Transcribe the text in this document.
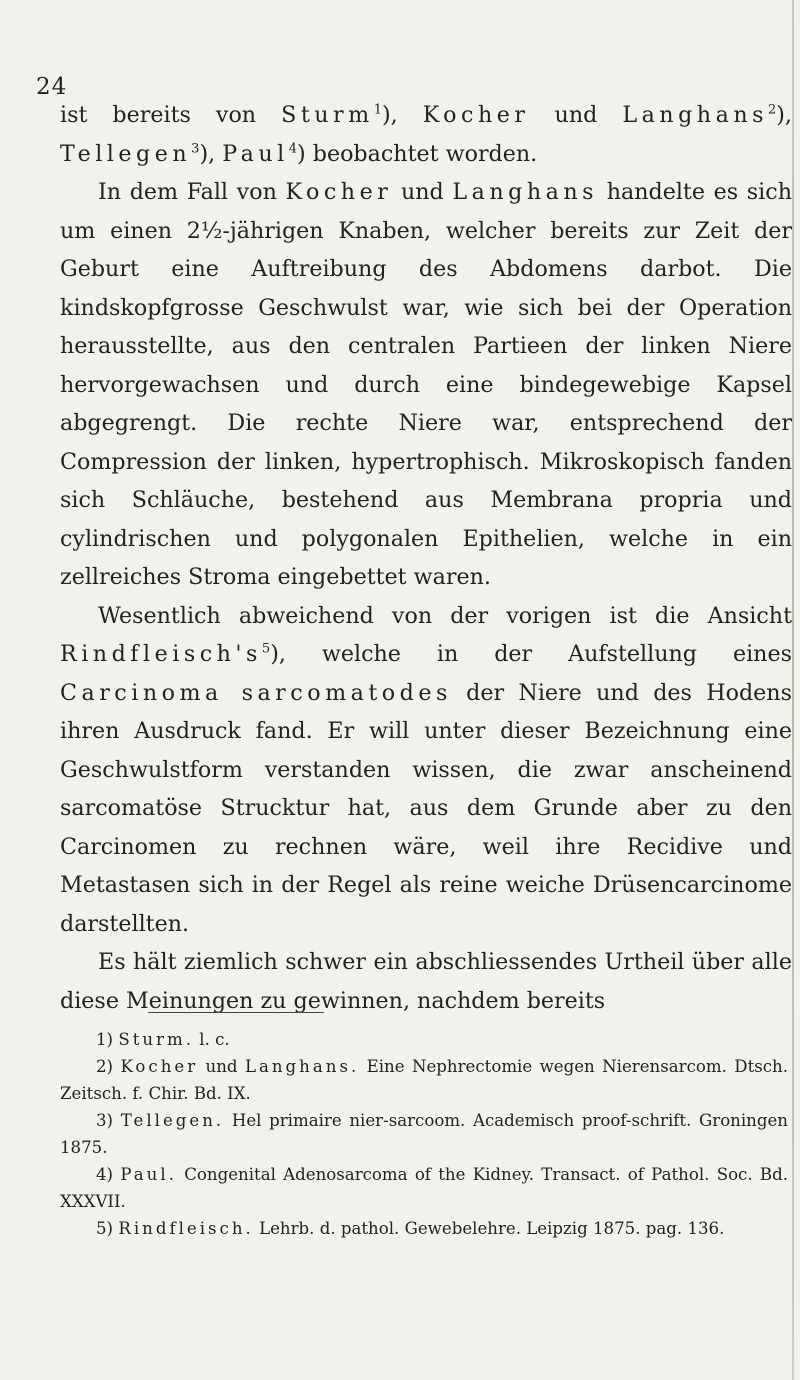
24

ist bereits von Sturm$^1$), Kocher und Langhans$^2$), Tellegen$^3$), Paul$^4$) beobachtet worden.

In dem Fall von Kocher und Langhans handelte es sich um einen 2½-jährigen Knaben, welcher bereits zur Zeit der Geburt eine Auftreibung des Abdomens darbot. Die kindskopfgrosse Geschwulst war, wie sich bei der Operation herausstellte, aus den centralen Partieen der linken Niere hervorgewachsen und durch eine bindegewebige Kapsel abgegrengt. Die rechte Niere war, entsprechend der Compression der linken, hypertrophisch. Mikroskopisch fanden sich Schläuche, bestehend aus Membrana propria und cylindrischen und polygonalen Epithelien, welche in ein zellreiches Stroma eingebettet waren.

Wesentlich abweichend von der vorigen ist die Ansicht $Rindfleisch's^5$), welche in der Aufstellung eines Carcinoma sarcomatodes der Niere und des Hodens ihren Ausdruck fand. Er will unter dieser Bezeichnung eine Geschwulstform verstanden wissen, die zwar anscheinend sarcomatöse Strucktur hat, aus dem Grunde aber zu den Carcinomen zu rechnen wäre, weil ihre Recidive und Metastasen sich in der Regel als reine weiche Drüsencarcinome darstellten.

Es hält ziemlich schwer ein abschliessendes Urtheil über alle diese Meinungen zu gewinnen, nachdem bereits

1) Sturm. l. c.

2) Kocher und Langhans. Eine Nephrectomie wegen Nierensarcom. Dtsch. Zeitsch. f. Chir. Bd. IX.

3) Tellegen. Hel primaire nier-sarcoom. Academisch proof-schrift. Groningen 1875.

4) Paul. Congenital Adenosarcoma of the Kidney. Transact. of Pathol. Soc. Bd. XXXVII.

5) Rindfleisch. Lehrb. d. pathol. Gewebelehre. Leipzig 1875. pag. 136.
